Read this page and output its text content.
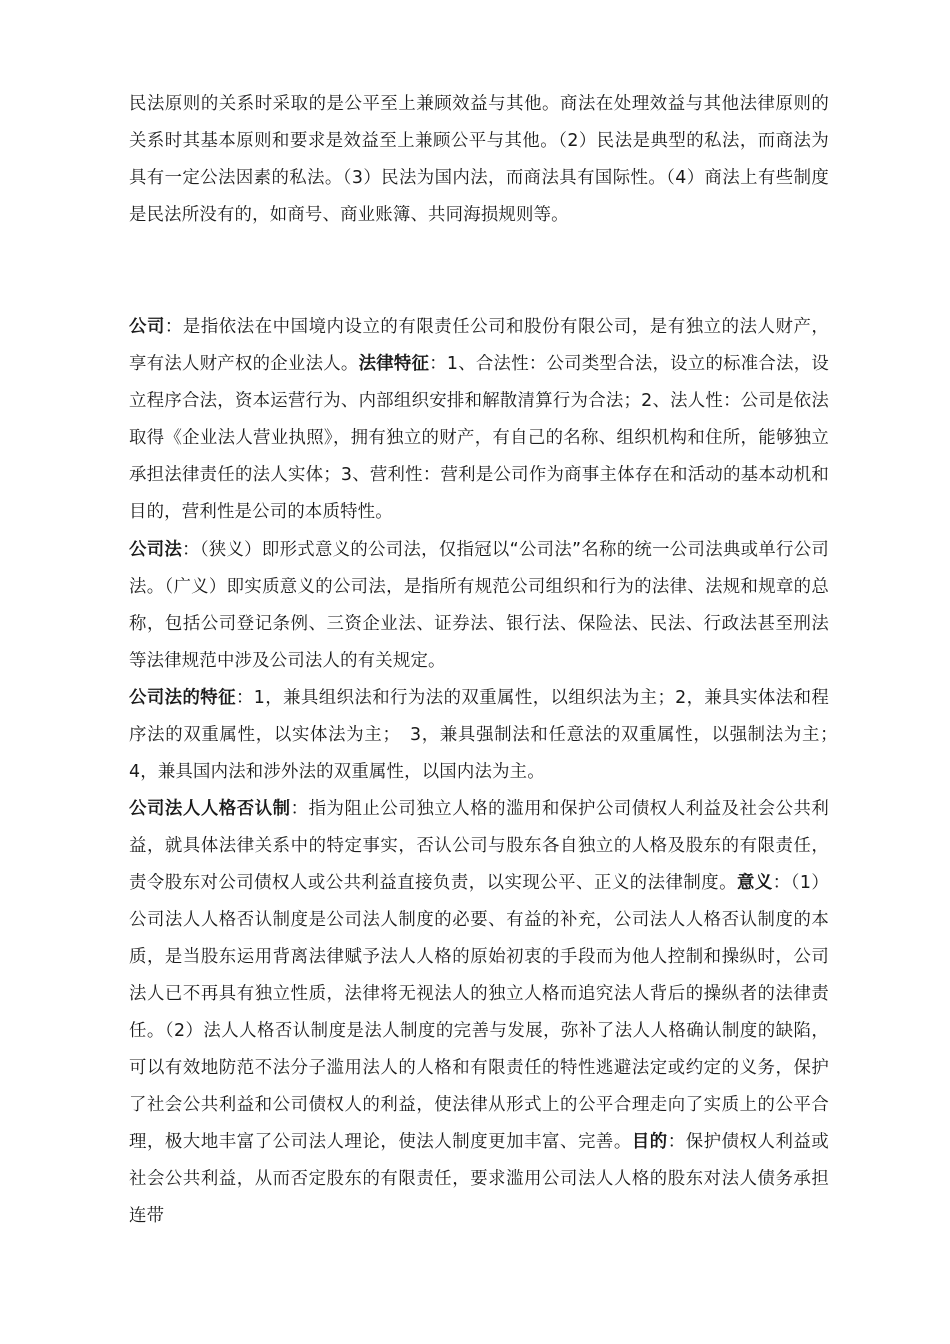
民法原则的关系时采取的是公平至上兼顾效益与其他。商法在处理效益与其他法律原则的关系时其基本原则和要求是效益至上兼顾公平与其他。（2）民法是典型的私法，而商法为具有一定公法因素的私法。（3）民法为国内法，而商法具有国际性。（4）商法上有些制度是民法所没有的，如商号、商业账簿、共同海损规则等。

公司：是指依法在中国境内设立的有限责任公司和股份有限公司，是有独立的法人财产，享有法人财产权的企业法人。法律特征：1、合法性：公司类型合法，设立的标准合法，设立程序合法，资本运营行为、内部组织安排和解散清算行为合法；2、法人性：公司是依法取得《企业法人营业执照》，拥有独立的财产，有自己的名称、组织机构和住所，能够独立承担法律责任的法人实体；3、营利性：营利是公司作为商事主体存在和活动的基本动机和目的，营利性是公司的本质特性。

公司法：（狭义）即形式意义的公司法，仅指冠以“公司法”名称的统一公司法典或单行公司法。（广义）即实质意义的公司法，是指所有规范公司组织和行为的法律、法规和规章的总称，包括公司登记条例、三资企业法、证券法、银行法、保险法、民法、行政法甚至刑法等法律规范中涉及公司法人的有关规定。

公司法的特征：1，兼具组织法和行为法的双重属性，以组织法为主；2，兼具实体法和程序法的双重属性，以实体法为主；　3，兼具强制法和任意法的双重属性，以强制法为主；　4，兼具国内法和涉外法的双重属性，以国内法为主。

公司法人人格否认制：指为阻止公司独立人格的滥用和保护公司债权人利益及社会公共利益，就具体法律关系中的特定事实，否认公司与股东各自独立的人格及股东的有限责任，责令股东对公司债权人或公共利益直接负责，以实现公平、正义的法律制度。意义：（1）公司法人人格否认制度是公司法人制度的必要、有益的补充，公司法人人格否认制度的本质，是当股东运用背离法律赋予法人人格的原始初衷的手段而为他人控制和操纵时，公司法人已不再具有独立性质，法律将无视法人的独立人格而追究法人背后的操纵者的法律责任。（2）法人人格否认制度是法人制度的完善与发展，弥补了法人人格确认制度的缺陷，可以有效地防范不法分子滥用法人的人格和有限责任的特性逃避法定或约定的义务，保护了社会公共利益和公司债权人的利益，使法律从形式上的公平合理走向了实质上的公平合理，极大地丰富了公司法人理论，使法人制度更加丰富、完善。目的：保护债权人利益或社会公共利益，从而否定股东的有限责任，要求滥用公司法人人格的股东对法人债务承担连带
